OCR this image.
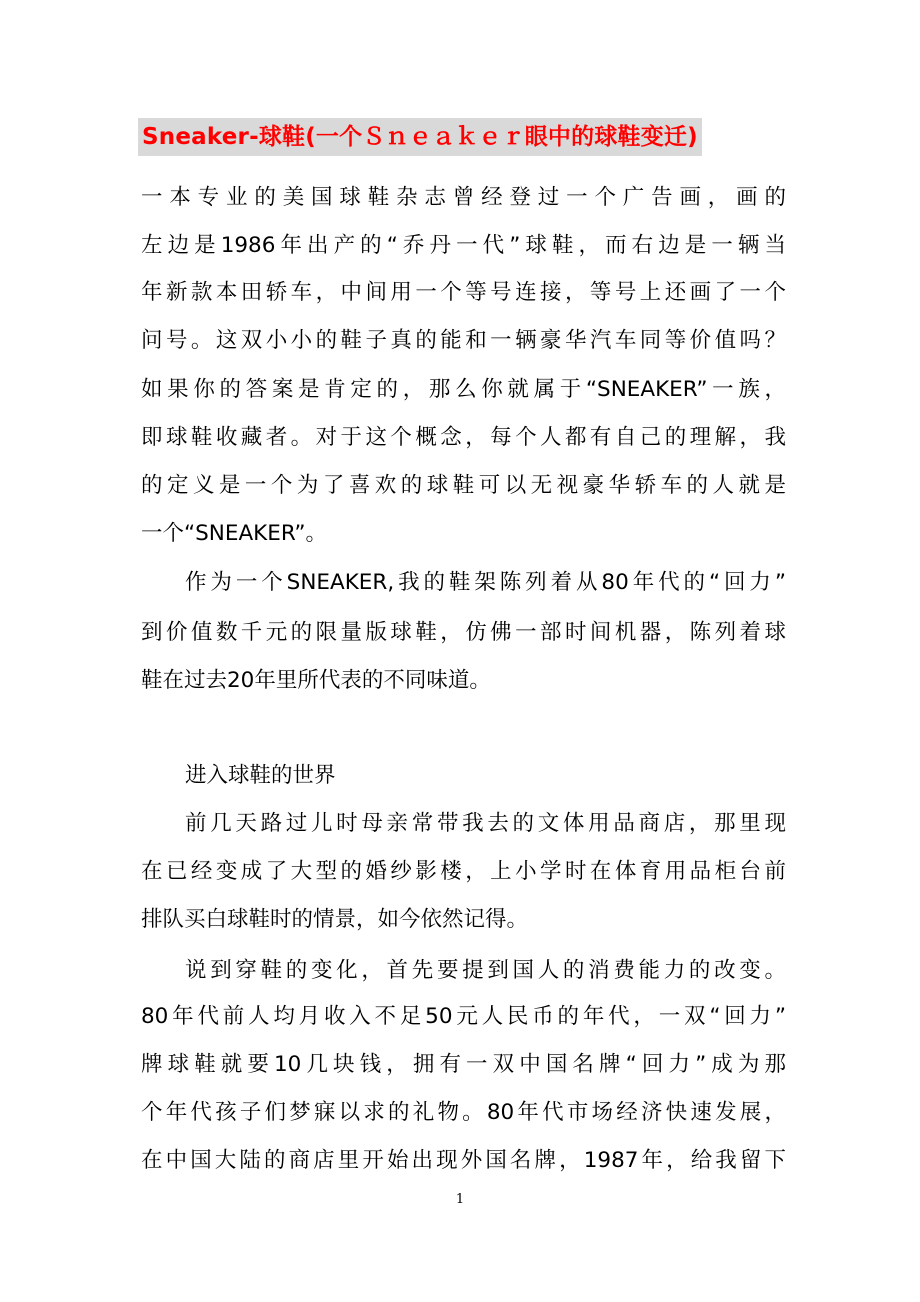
Sneaker-球鞋(一个Ｓｎｅａｋｅｒ眼中的球鞋变迁)
一本专业的美国球鞋杂志曾经登过一个广告画，画的
左边是1986年出产的“乔丹一代”球鞋，而右边是一辆当
年新款本田轿车，中间用一个等号连接，等号上还画了一个
问号。这双小小的鞋子真的能和一辆豪华汽车同等价值吗？
如果你的答案是肯定的，那么你就属于“SNEAKER”一族，
即球鞋收藏者。对于这个概念，每个人都有自己的理解，我
的定义是一个为了喜欢的球鞋可以无视豪华轿车的人就是
一个“SNEAKER”。
作为一个SNEAKER,我的鞋架陈列着从80年代的“回力”
到价值数千元的限量版球鞋，仿佛一部时间机器，陈列着球
鞋在过去20年里所代表的不同味道。
进入球鞋的世界
前几天路过儿时母亲常带我去的文体用品商店，那里现
在已经变成了大型的婚纱影楼，上小学时在体育用品柜台前
排队买白球鞋时的情景，如今依然记得。
说到穿鞋的变化，首先要提到国人的消费能力的改变。
80年代前人均月收入不足50元人民币的年代，一双“回力”
牌球鞋就要10几块钱，拥有一双中国名牌“回力”成为那
个年代孩子们梦寐以求的礼物。80年代市场经济快速发展，
在中国大陆的商店里开始出现外国名牌，1987年，给我留下
1
